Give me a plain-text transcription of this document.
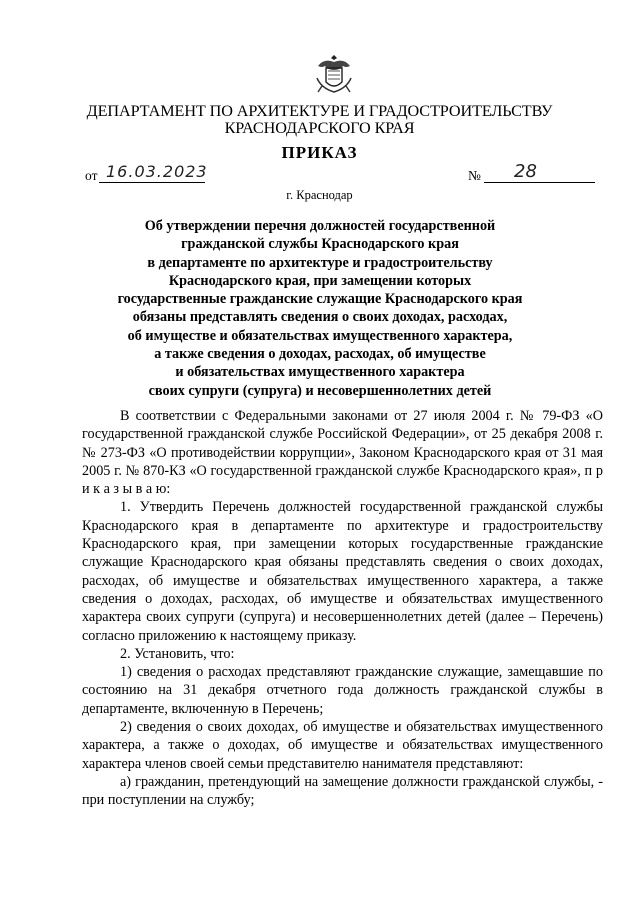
ДЕПАРТАМЕНТ ПО АРХИТЕКТУРЕ И ГРАДОСТРОИТЕЛЬСТВУ
КРАСНОДАРСКОГО КРАЯ
ПРИКАЗ
от 16.03.2023	№ 28
г. Краснодар
Об утверждении перечня должностей государственной
гражданской службы Краснодарского края
в департаменте по архитектуре и градостроительству
Краснодарского края, при замещении которых
государственные гражданские служащие Краснодарского края
обязаны представлять сведения о своих доходах, расходах,
об имуществе и обязательствах имущественного характера,
а также сведения о доходах, расходах, об имуществе
и обязательствах имущественного характера
своих супруги (супруга) и несовершеннолетних детей

В соответствии с Федеральными законами от 27 июля 2004 г. № 79-ФЗ «О государственной гражданской службе Российской Федерации», от 25 декабря 2008 г. № 273-ФЗ «О противодействии коррупции», Законом Краснодарского края от 31 мая 2005 г. № 870-КЗ «О государственной гражданской службе Краснодарского края», п р и к а з ы в а ю:

1. Утвердить Перечень должностей государственной гражданской службы Краснодарского края в департаменте по архитектуре и градостроительству Краснодарского края, при замещении которых государственные гражданские служащие Краснодарского края обязаны представлять сведения о своих доходах, расходах, об имуществе и обязательствах имущественного характера, а также сведения о доходах, расходах, об имуществе и обязательствах имущественного характера своих супруги (супруга) и несовершеннолетних детей (далее – Перечень) согласно приложению к настоящему приказу.

2. Установить, что:

1) сведения о расходах представляют гражданские служащие, замещавшие по состоянию на 31 декабря отчетного года должность гражданской службы в департаменте, включенную в Перечень;

2) сведения о своих доходах, об имуществе и обязательствах имущественного характера, а также о доходах, об имуществе и обязательствах имущественного характера членов своей семьи представителю нанимателя представляют:

а) гражданин, претендующий на замещение должности гражданской службы, - при поступлении на службу;
